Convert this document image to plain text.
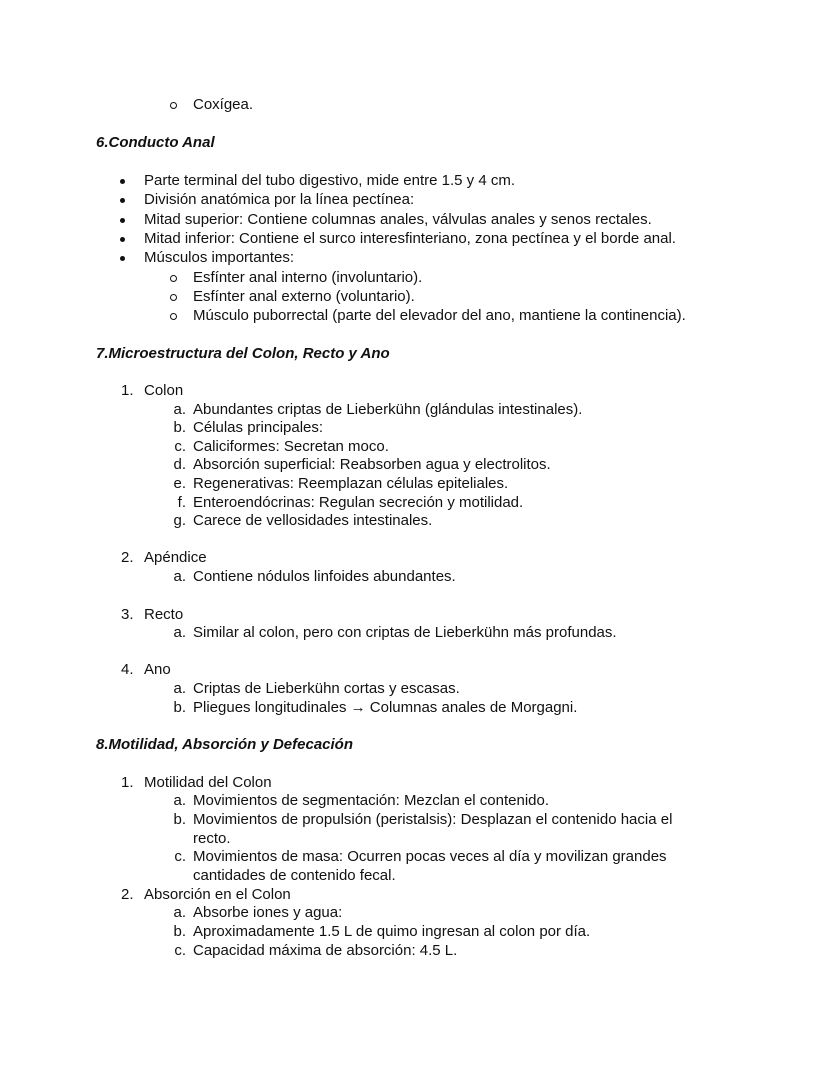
Coxígea.
6.Conducto Anal
Parte terminal del tubo digestivo, mide entre 1.5 y 4 cm.
División anatómica por la línea pectínea:
Mitad superior: Contiene columnas anales, válvulas anales y senos rectales.
Mitad inferior: Contiene el surco interesfinteriano, zona pectínea y el borde anal.
Músculos importantes:
Esfínter anal interno (involuntario).
Esfínter anal externo (voluntario).
Músculo puborrectal (parte del elevador del ano, mantiene la continencia).
7.Microestructura del Colon, Recto y Ano
1. Colon
a. Abundantes criptas de Lieberkühn (glándulas intestinales).
b. Células principales:
c. Caliciformes: Secretan moco.
d. Absorción superficial: Reabsorben agua y electrolitos.
e. Regenerativas: Reemplazan células epiteliales.
f. Enteroendócrinas: Regulan secreción y motilidad.
g. Carece de vellosidades intestinales.
2. Apéndice
a. Contiene nódulos linfoides abundantes.
3. Recto
a. Similar al colon, pero con criptas de Lieberkühn más profundas.
4. Ano
a. Criptas de Lieberkühn cortas y escasas.
b. Pliegues longitudinales → Columnas anales de Morgagni.
8.Motilidad, Absorción y Defecación
1. Motilidad del Colon
a. Movimientos de segmentación: Mezclan el contenido.
b. Movimientos de propulsión (peristalsis): Desplazan el contenido hacia el
recto.
c. Movimientos de masa: Ocurren pocas veces al día y movilizan grandes
cantidades de contenido fecal.
2. Absorción en el Colon
a. Absorbe iones y agua:
b. Aproximadamente 1.5 L de quimo ingresan al colon por día.
c. Capacidad máxima de absorción: 4.5 L.
